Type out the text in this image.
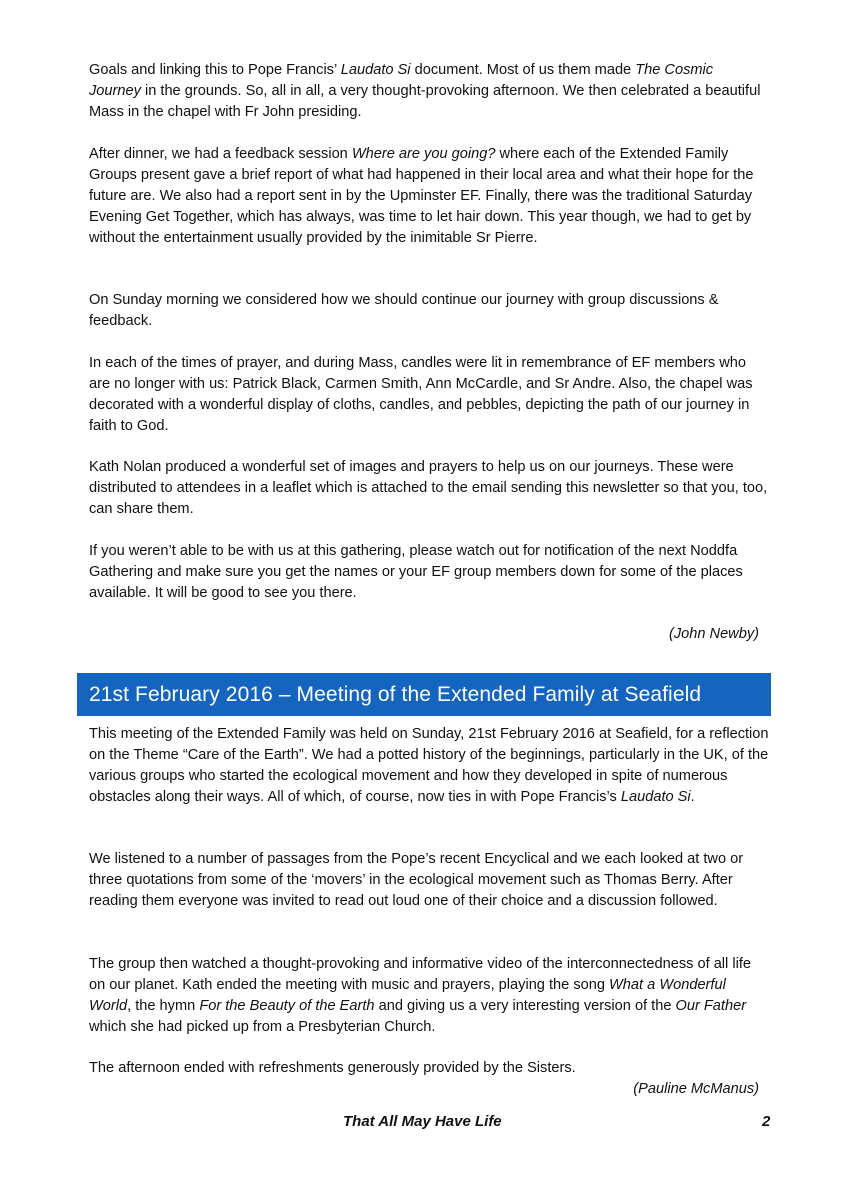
Goals and linking this to Pope Francis’ Laudato Si document. Most of us them made The Cosmic Journey in the grounds. So, all in all, a very thought-provoking afternoon. We then celebrated a beautiful Mass in the chapel with Fr John presiding.

After dinner, we had a feedback session Where are you going? where each of the Extended Family Groups present gave a brief report of what had happened in their local area and what their hope for the future are. We also had a report sent in by the Upminster EF. Finally, there was the traditional Saturday Evening Get Together, which has always, was time to let hair down. This year though, we had to get by without the entertainment usually provided by the inimitable Sr Pierre.

On Sunday morning we considered how we should continue our journey with group discussions & feedback.

In each of the times of prayer, and during Mass, candles were lit in remembrance of EF members who are no longer with us: Patrick Black, Carmen Smith, Ann McCardle, and Sr Andre. Also, the chapel was decorated with a wonderful display of cloths, candles, and pebbles, depicting the path of our journey in faith to God.

Kath Nolan produced a wonderful set of images and prayers to help us on our journeys. These were distributed to attendees in a leaflet which is attached to the email sending this newsletter so that you, too, can share them.

If you weren’t able to be with us at this gathering, please watch out for notification of the next Noddfa Gathering and make sure you get the names or your EF group members down for some of the places available. It will be good to see you there.

(John Newby)

21st February 2016 – Meeting of the Extended Family at Seafield

This meeting of the Extended Family was held on Sunday, 21st February 2016 at Seafield, for a reflection on the Theme “Care of the Earth”. We had a potted history of the beginnings, particularly in the UK, of the various groups who started the ecological movement and how they developed in spite of numerous obstacles along their ways. All of which, of course, now ties in with Pope Francis’s Laudato Si.

We listened to a number of passages from the Pope’s recent Encyclical and we each looked at two or three quotations from some of the ‘movers’ in the ecological movement such as Thomas Berry. After reading them everyone was invited to read out loud one of their choice and a discussion followed.

The group then watched a thought-provoking and informative video of the interconnectedness of all life on our planet. Kath ended the meeting with music and prayers, playing the song What a Wonderful World, the hymn For the Beauty of the Earth and giving us a very interesting version of the Our Father which she had picked up from a Presbyterian Church.

The afternoon ended with refreshments generously provided by the Sisters.

(Pauline McManus)

That All May Have Life	2
